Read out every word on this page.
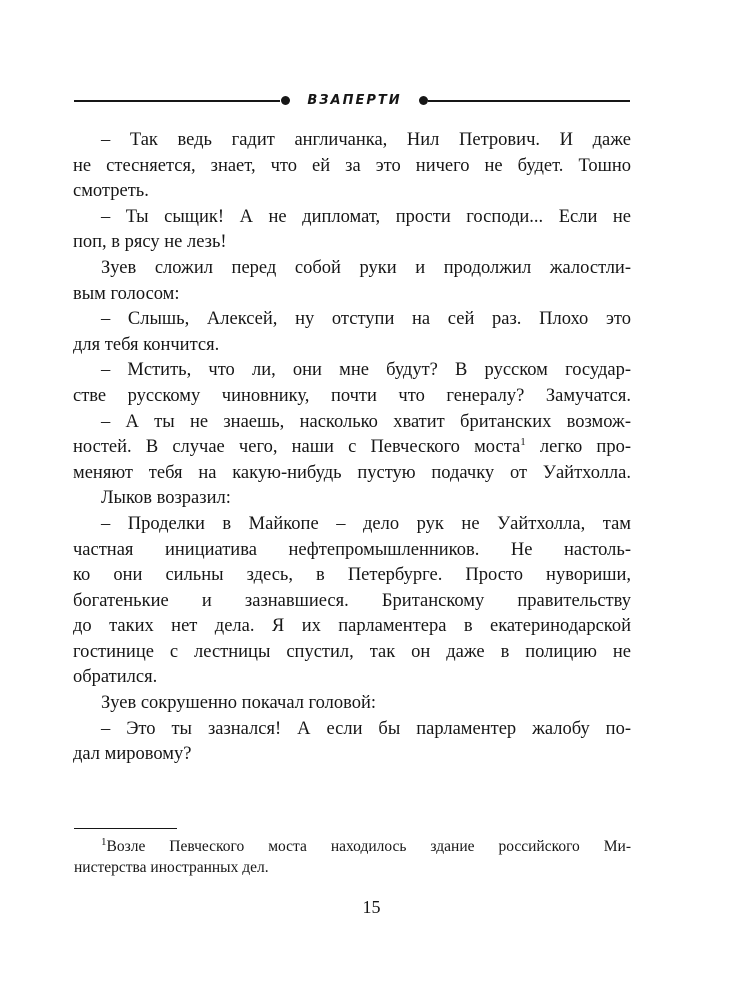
ВЗАПЕРТИ

– Так ведь гадит англичанка, Нил Петрович. И даже
не стесняется, знает, что ей за это ничего не будет. Тошно
смотреть.

– Ты сыщик! А не дипломат, прости господи... Если не
поп, в рясу не лезь!

Зуев сложил перед собой руки и продолжил жалостли-
вым голосом:

– Слышь, Алексей, ну отступи на сей раз. Плохо это
для тебя кончится.

– Мстить, что ли, они мне будут? В русском государ-
стве русскому чиновнику, почти что генералу? Замучатся.

– А ты не знаешь, насколько хватит британских возмож-
ностей. В случае чего, наши с Певческого моста$^1$ легко про-
меняют тебя на какую-нибудь пустую подачку от Уайтхолла.

Лыков возразил:

– Проделки в Майкопе – дело рук не Уайтхолла, там
частная инициатива нефтепромышленников. Не настоль-
ко они сильны здесь, в Петербурге. Просто нувориши,
богатенькие и зазнавшиеся. Британскому правительству
до таких нет дела. Я их парламентера в екатеринодарской
гостинице с лестницы спустил, так он даже в полицию не
обратился.

Зуев сокрушенно покачал головой:

– Это ты зазнался! А если бы парламентер жалобу по-
дал мировому?

$^1$Возле Певческого моста находилось здание российского Ми-
нистерства иностранных дел.
15
